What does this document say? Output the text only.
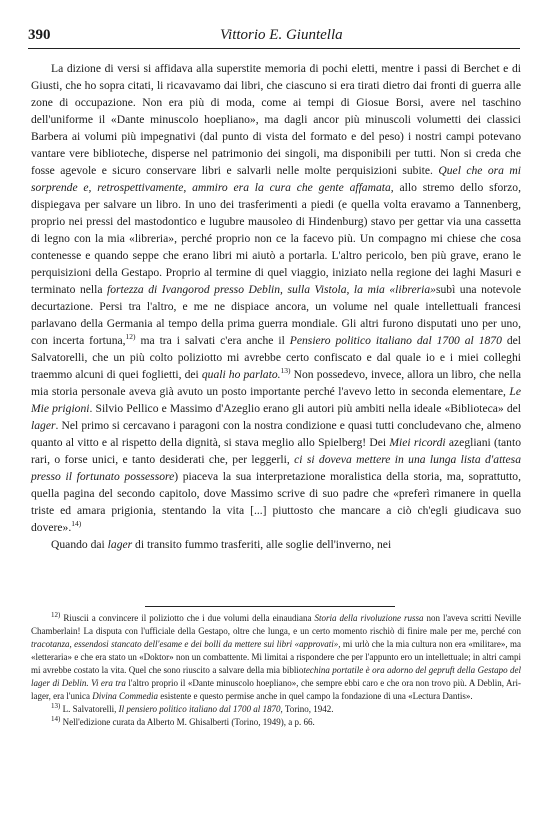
390	Vittorio E. Giuntella

La dizione di versi si affidava alla superstite memoria di pochi eletti, mentre i passi di Berchet e di Giusti, che ho sopra citati, li ricavavamo dai libri, che ciascuno si era tirati dietro dai fronti di guerra alle zone di occupazione. Non era più di moda, come ai tempi di Giosue Borsi, avere nel taschino dell'uniforme il «Dante minuscolo hoepliano», ma dagli ancor più minuscoli volumetti dei classici Barbera ai volumi più impegnativi (dal punto di vista del formato e del peso) i nostri campi potevano vantare vere biblioteche, disperse nel patrimonio dei singoli, ma disponibili per tutti. Non si creda che fosse agevole e sicuro conservare libri e salvarli nelle molte perquisizioni subite. Quel che ora mi sorprende e, retrospettivamente, ammiro era la cura che gente affamata, allo stremo dello sforzo, dispiegava per salvare un libro. In uno dei trasferimenti a piedi (e quella volta eravamo a Tannenberg, proprio nei pressi del mastodontico e lugubre mausoleo di Hindenburg) stavo per gettar via una cassetta di legno con la mia «libreria», perché proprio non ce la facevo più. Un compagno mi chiese che cosa contenesse e quando seppe che erano libri mi aiutò a portarla. L'altro pericolo, ben più grave, erano le perquisizioni della Gestapo. Proprio al termine di quel viaggio, iniziato nella regione dei laghi Masuri e terminato nella fortezza di Ivangorod presso Deblin, sulla Vistola, la mia «libreria»subì una notevole decurtazione. Persi tra l'altro, e me ne dispiace ancora, un volume nel quale intellettuali francesi parlavano della Germania al tempo della prima guerra mondiale. Gli altri furono disputati uno per uno, con incerta fortuna,$^{12)}$ ma tra i salvati c'era anche il Pensiero politico italiano dal 1700 al 1870 del Salvatorelli, che un più colto poliziotto mi avrebbe certo confiscato e dal quale io e i miei colleghi traemmo alcuni di quei foglietti, dei quali ho parlato.$^{13)}$ Non possedevo, invece, allora un libro, che nella mia storia personale aveva già avuto un posto importante perché l'avevo letto in seconda elementare, Le Mie prigioni. Silvio Pellico e Massimo d'Azeglio erano gli autori più ambiti nella ideale «Biblioteca» del lager. Nel primo si cercavano i paragoni con la nostra condizione e quasi tutti concludevano che, almeno quanto al vitto e al rispetto della dignità, si stava meglio allo Spielberg! Dei Miei ricordi azegliani (tanto rari, o forse unici, e tanto desiderati che, per leggerli, ci si doveva mettere in una lunga lista d'attesa presso il fortunato possessore) piaceva la sua interpretazione moralistica della storia, ma, soprattutto, quella pagina del secondo capitolo, dove Massimo scrive di suo padre che «preferì rimanere in quella triste ed amara prigionia, stentando la vita [...] piuttosto che mancare a ciò ch'egli giudicava suo dovere».$^{14)}$

Quando dai lager di transito fummo trasferiti, alle soglie dell'inverno, nei

$^{12)}$ Riuscii a convincere il poliziotto che i due volumi della einaudiana Storia della rivoluzione russa non l'aveva scritti Neville Chamberlain! La disputa con l'ufficiale della Gestapo, oltre che lunga, e un certo momento rischiò di finire male per me, perché con tracotanza, essendosi stancato dell'esame e dei bolli da mettere sui libri «approvati», mi urlò che la mia cultura non era «militare», ma «letteraria» e che era stato un «Doktor» non un combattente. Mi limitai a rispondere che per l'appunto ero un intellettuale; in altri campi mi avrebbe costato la vita. Quel che sono riuscito a salvare della mia bibliotechina portatile è ora adorno del gepruft della Gestapo del lager di Deblin. Vi era tra l'altro proprio il «Dante minuscolo hoepliano», che sempre ebbi caro e che ora non trovo più. A Deblin, Ari-lager, era l'unica Divina Commedia esistente e questo permise anche in quel campo la fondazione di una «Lectura Dantis».

$^{13)}$ L. Salvatorelli, Il pensiero politico italiano dal 1700 al 1870, Torino, 1942.

$^{14)}$ Nell'edizione curata da Alberto M. Ghisalberti (Torino, 1949), a p. 66.
